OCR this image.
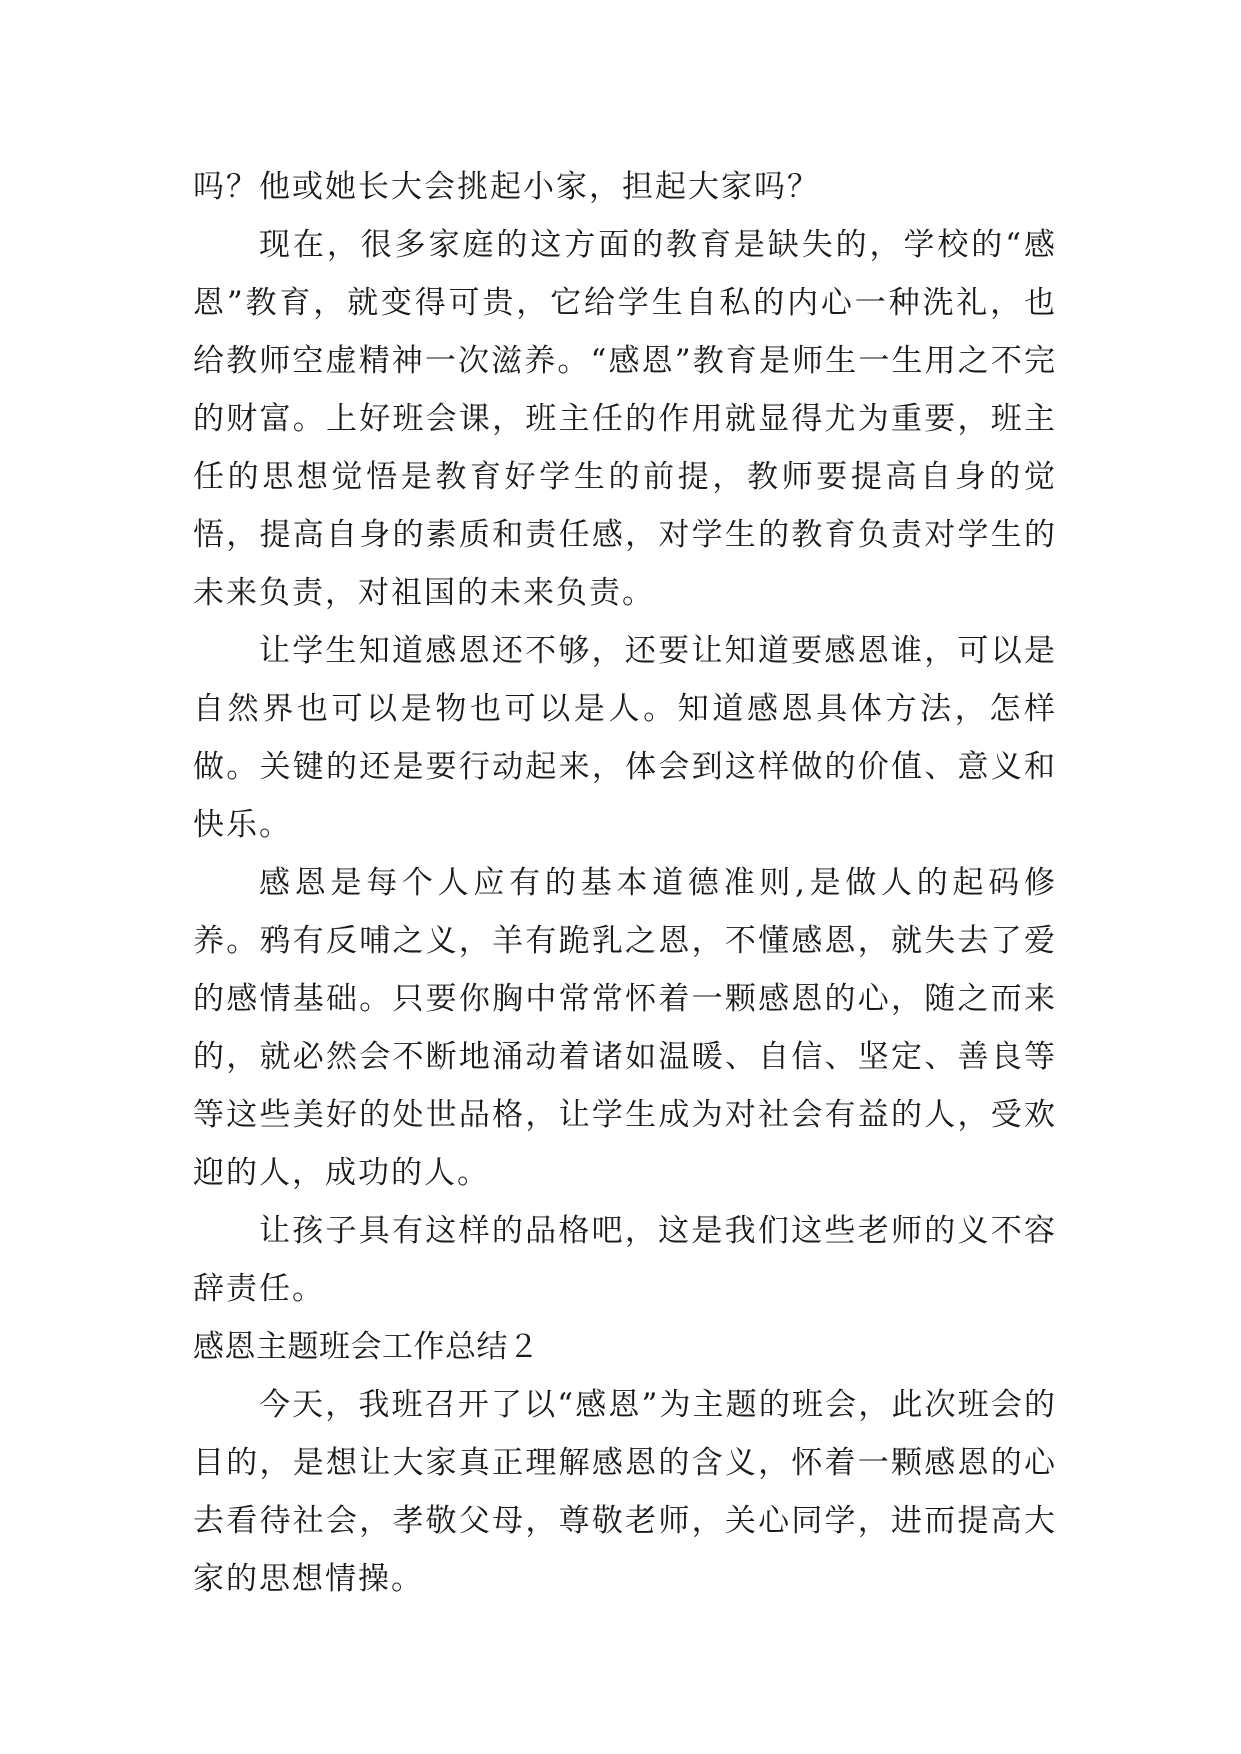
吗？他或她长大会挑起小家，担起大家吗？

现在，很多家庭的这方面的教育是缺失的，学校的“感恩”教育，就变得可贵，它给学生自私的内心一种洗礼，也给教师空虚精神一次滋养。“感恩”教育是师生一生用之不完的财富。上好班会课，班主任的作用就显得尤为重要，班主任的思想觉悟是教育好学生的前提，教师要提高自身的觉悟，提高自身的素质和责任感，对学生的教育负责对学生的未来负责，对祖国的未来负责。

让学生知道感恩还不够，还要让知道要感恩谁，可以是自然界也可以是物也可以是人。知道感恩具体方法，怎样做。关键的还是要行动起来，体会到这样做的价值、意义和快乐。

感恩是每个人应有的基本道德准则,是做人的起码修养。鸦有反哺之义，羊有跪乳之恩，不懂感恩，就失去了爱的感情基础。只要你胸中常常怀着一颗感恩的心，随之而来的，就必然会不断地涌动着诸如温暖、自信、坚定、善良等等这些美好的处世品格，让学生成为对社会有益的人，受欢迎的人，成功的人。

让孩子具有这样的品格吧，这是我们这些老师的义不容辞责任。

感恩主题班会工作总结２

今天，我班召开了以“感恩”为主题的班会，此次班会的目的，是想让大家真正理解感恩的含义，怀着一颗感恩的心去看待社会，孝敬父母，尊敬老师，关心同学，进而提高大家的思想情操。
